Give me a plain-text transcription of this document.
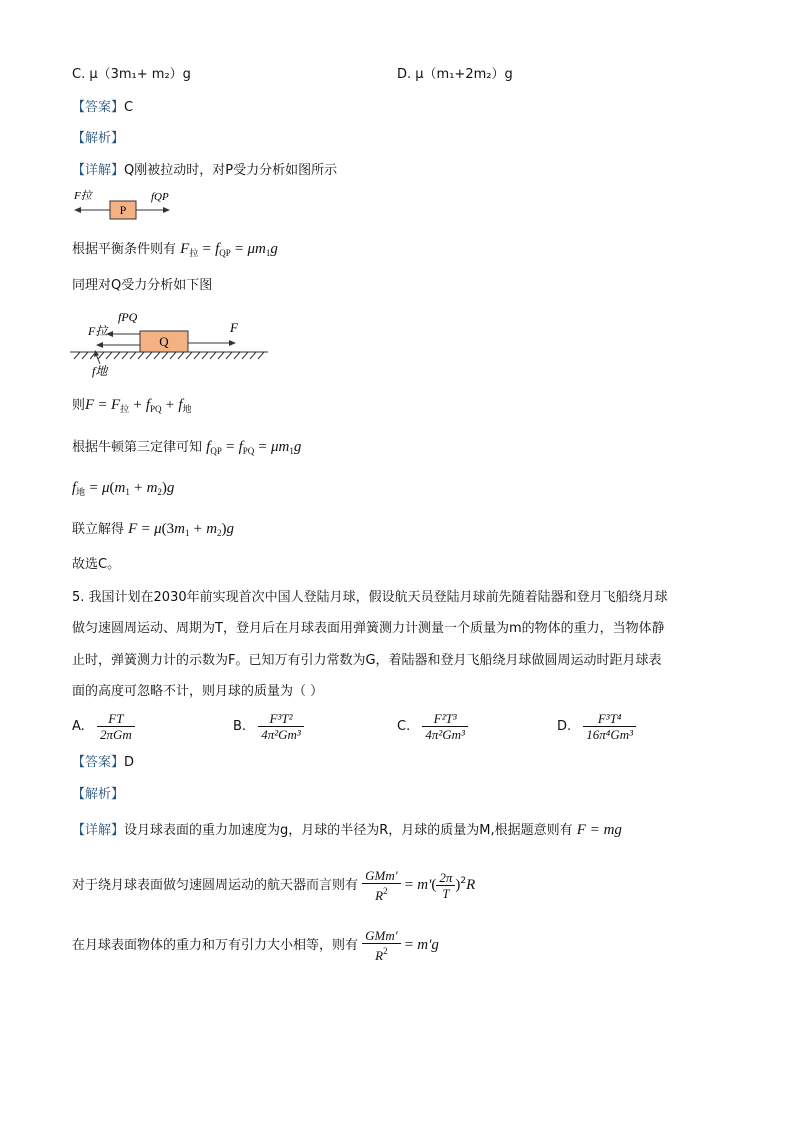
C. μ（3m₁+ m₂）g	D. μ（m₁+2m₂）g
【答案】C
【解析】
【详解】Q刚被拉动时，对P受力分析如图所示
P
F拉	fQP
根据平衡条件则有 $F_拉 = f_{QP} = \mu m_1g$
同理对Q受力分析如下图
Q
fPQ
F拉	F
f地
则$F = F_拉 + f_{PQ} + f_地$
根据牛顿第三定律可知 $f_{QP} = f_{PQ} = \mu m_1g$
$f_地 = \mu(m_1 + m_2)g$
联立解得 $F = \mu(3m_1 + m_2)g$
故选C。
5. 我国计划在2030年前实现首次中国人登陆月球，假设航天员登陆月球前先随着陆器和登月飞船绕月球
做匀速圆周运动、周期为T，登月后在月球表面用弹簧测力计测量一个质量为m的物体的重力，当物体静
止时，弹簧测力计的示数为F。已知万有引力常数为G，着陆器和登月飞船绕月球做圆周运动时距月球表
面的高度可忽略不计，则月球的质量为（ ）
A. $\frac{FT}{\text{2πGm}}$	B. $\frac{\text{F³T²}}{\text{4π²Gm³}}$	C. $\frac{\text{F²T³}}{\text{4π²Gm³}}$	D. $\frac{\text{F³T⁴}}{\text{16π⁴Gm³}}$
【答案】D
【解析】
【详解】设月球表面的重力加速度为g，月球的半径为R，月球的质量为M,根据题意则有 F = mg
对于绕月球表面做匀速圆周运动的航天器而言则有 $\frac{\text{GMm'}}{R^2} = m'( \frac{2\pi}{T} )^2R$
在月球表面物体的重力和万有引力大小相等，则有 $\frac{\text{GMm'}}{R^2} = m'g$
